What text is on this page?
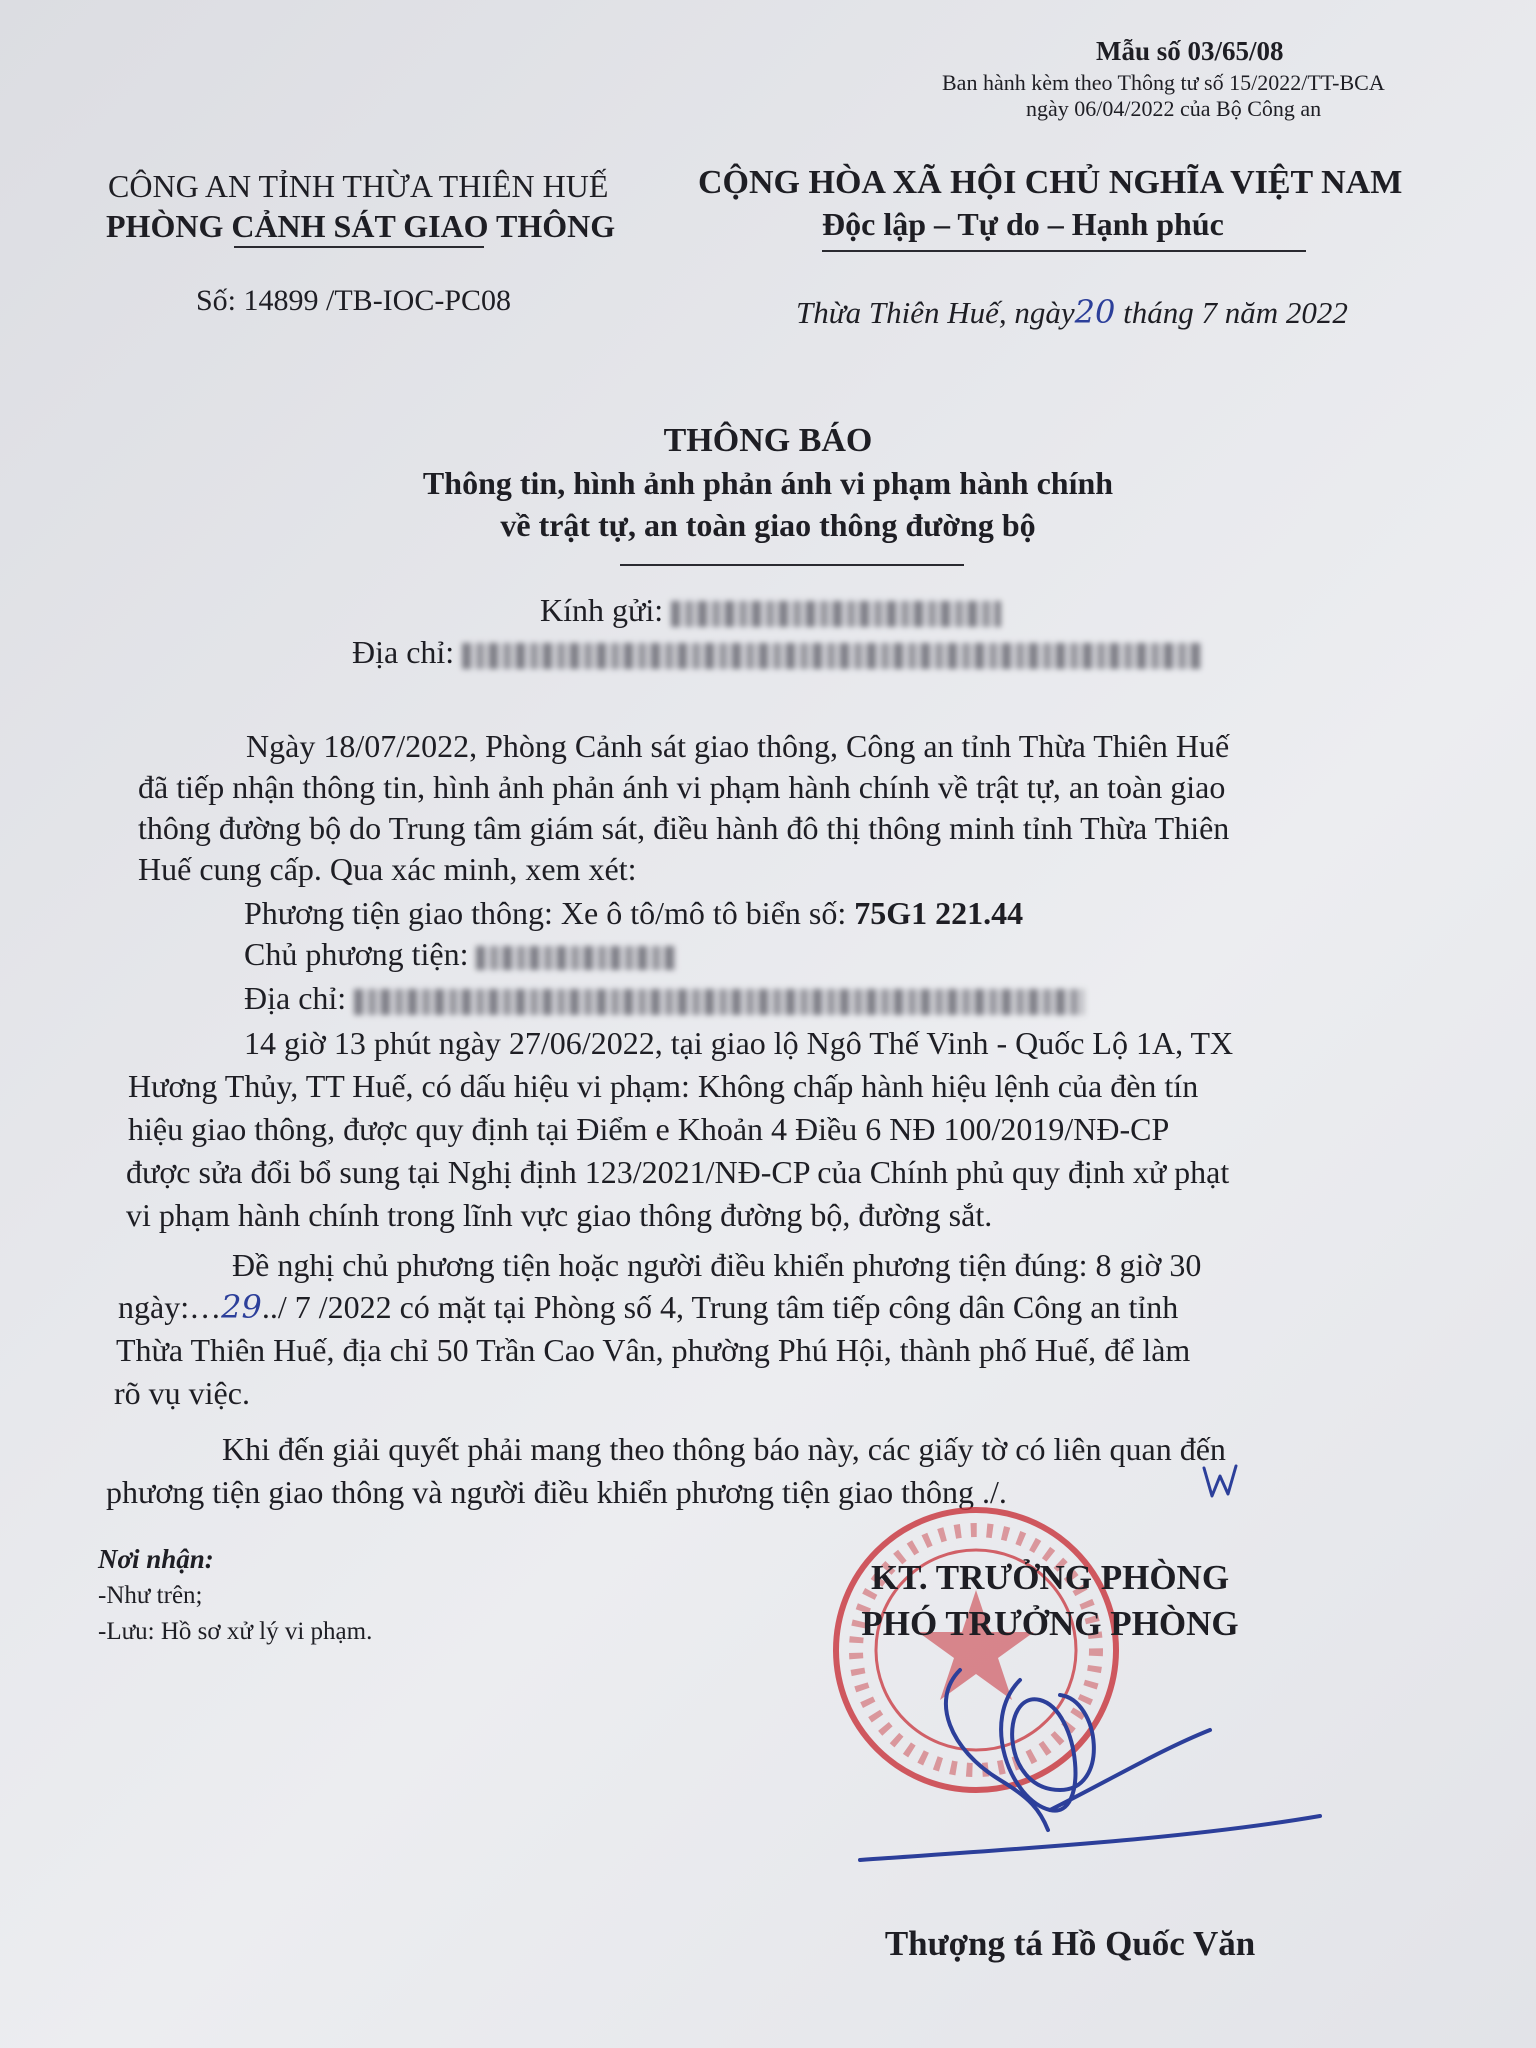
Mẫu số 03/65/08
Ban hành kèm theo Thông tư số 15/2022/TT-BCA
ngày 06/04/2022 của Bộ Công an
CÔNG AN TỈNH THỪA THIÊN HUẾ
PHÒNG CẢNH SÁT GIAO THÔNG
Số: 14899 /TB-IOC-PC08
CỘNG HÒA XÃ HỘI CHỦ NGHĨA VIỆT NAM
Độc lập – Tự do – Hạnh phúc
Thừa Thiên Huế, ngày20 tháng 7 năm 2022
THÔNG BÁO
Thông tin, hình ảnh phản ánh vi phạm hành chính
về trật tự, an toàn giao thông đường bộ
Kính gửi:
Địa chỉ:
Ngày 18/07/2022, Phòng Cảnh sát giao thông, Công an tỉnh Thừa Thiên Huế
đã tiếp nhận thông tin, hình ảnh phản ánh vi phạm hành chính về trật tự, an toàn giao
thông đường bộ do Trung tâm giám sát, điều hành đô thị thông minh tỉnh Thừa Thiên
Huế cung cấp. Qua xác minh, xem xét:
Phương tiện giao thông: Xe ô tô/mô tô biển số: 75G1 221.44
Chủ phương tiện:
Địa chỉ:
14 giờ 13 phút ngày 27/06/2022, tại giao lộ Ngô Thế Vinh - Quốc Lộ 1A, TX
Hương Thủy, TT Huế, có dấu hiệu vi phạm: Không chấp hành hiệu lệnh của đèn tín
hiệu giao thông, được quy định tại Điểm e Khoản 4 Điều 6 NĐ 100/2019/NĐ-CP
được sửa đổi bổ sung tại Nghị định 123/2021/NĐ-CP của Chính phủ quy định xử phạt
vi phạm hành chính trong lĩnh vực giao thông đường bộ, đường sắt.
Đề nghị chủ phương tiện hoặc người điều khiển phương tiện đúng: 8 giờ 30
ngày:…29../ 7 /2022 có mặt tại Phòng số 4, Trung tâm tiếp công dân Công an tỉnh
Thừa Thiên Huế, địa chỉ 50 Trần Cao Vân, phường Phú Hội, thành phố Huế, để làm
rõ vụ việc.
Khi đến giải quyết phải mang theo thông báo này, các giấy tờ có liên quan đến
phương tiện giao thông và người điều khiển phương tiện giao thông ./.
Nơi nhận:
-Như trên;
-Lưu: Hồ sơ xử lý vi phạm.
KT. TRƯỞNG PHÒNG
PHÓ TRƯỞNG PHÒNG
Thượng tá Hồ Quốc Văn
